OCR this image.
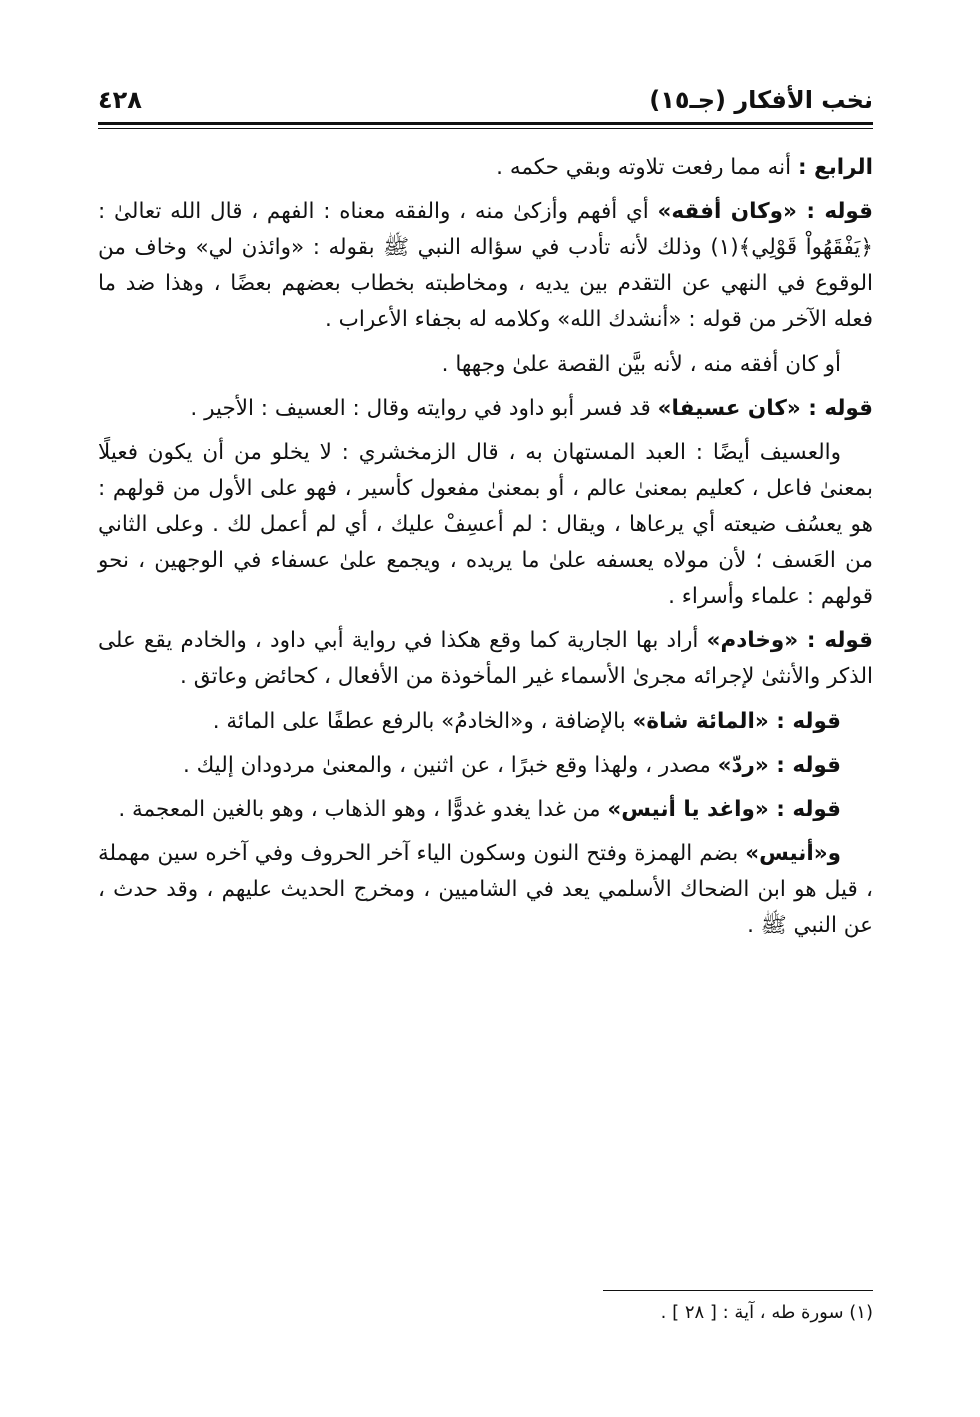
نخب الأفكار (جـ١٥)
٤٢٨

الرابع : أنه مما رفعت تلاوته وبقي حكمه .

قوله : «وكان أفقه» أي أفهم وأزكىٰ منه ، والفقه معناه : الفهم ، قال الله تعالىٰ : ﴿يَفْقَهُواْ قَوْلِي﴾(١) وذلك لأنه تأدب في سؤاله النبي ﷺ بقوله : «وائذن لي» وخاف من الوقوع في النهي عن التقدم بين يديه ، ومخاطبته بخطاب بعضهم بعضًا ، وهذا ضد ما فعله الآخر من قوله : «أنشدك الله» وكلامه له بجفاء الأعراب .

أو كان أفقه منه ، لأنه بيَّن القصة علىٰ وجهها .

قوله : «كان عسيفا» قد فسر أبو داود في روايته وقال : العسيف : الأجير .

والعسيف أيضًا : العبد المستهان به ، قال الزمخشري : لا يخلو من أن يكون فعيلًا بمعنىٰ فاعل ، كعليم بمعنىٰ عالم ، أو بمعنىٰ مفعول كأسير ، فهو على الأول من قولهم : هو يعسُف ضيعته أي يرعاها ، ويقال : لم أعسِفْ عليك ، أي لم أعمل لك . وعلى الثاني من العَسف ؛ لأن مولاه يعسفه علىٰ ما يريده ، ويجمع علىٰ عسفاء في الوجهين ، نحو قولهم : علماء وأسراء .

قوله : «وخادم» أراد بها الجارية كما وقع هكذا في رواية أبي داود ، والخادم يقع على الذكر والأنثىٰ لإجرائه مجرىٰ الأسماء غير المأخوذة من الأفعال ، كحائض وعاتق .

قوله : «المائة شاة» بالإضافة ، و«الخادمُ» بالرفع عطفًا على المائة .

قوله : «ردّ» مصدر ، ولهذا وقع خبرًا ، عن اثنين ، والمعنىٰ مردودان إليك .

قوله : «واغد يا أنيس» من غدا يغدو غدوًّا ، وهو الذهاب ، وهو بالغين المعجمة .

و«أنيس» بضم الهمزة وفتح النون وسكون الياء آخر الحروف وفي آخره سين مهملة ، قيل هو ابن الضحاك الأسلمي يعد في الشاميين ، ومخرج الحديث عليهم ، وقد حدث ، عن النبي ﷺ .

(١) سورة طه ، آية : [ ٢٨ ] .
